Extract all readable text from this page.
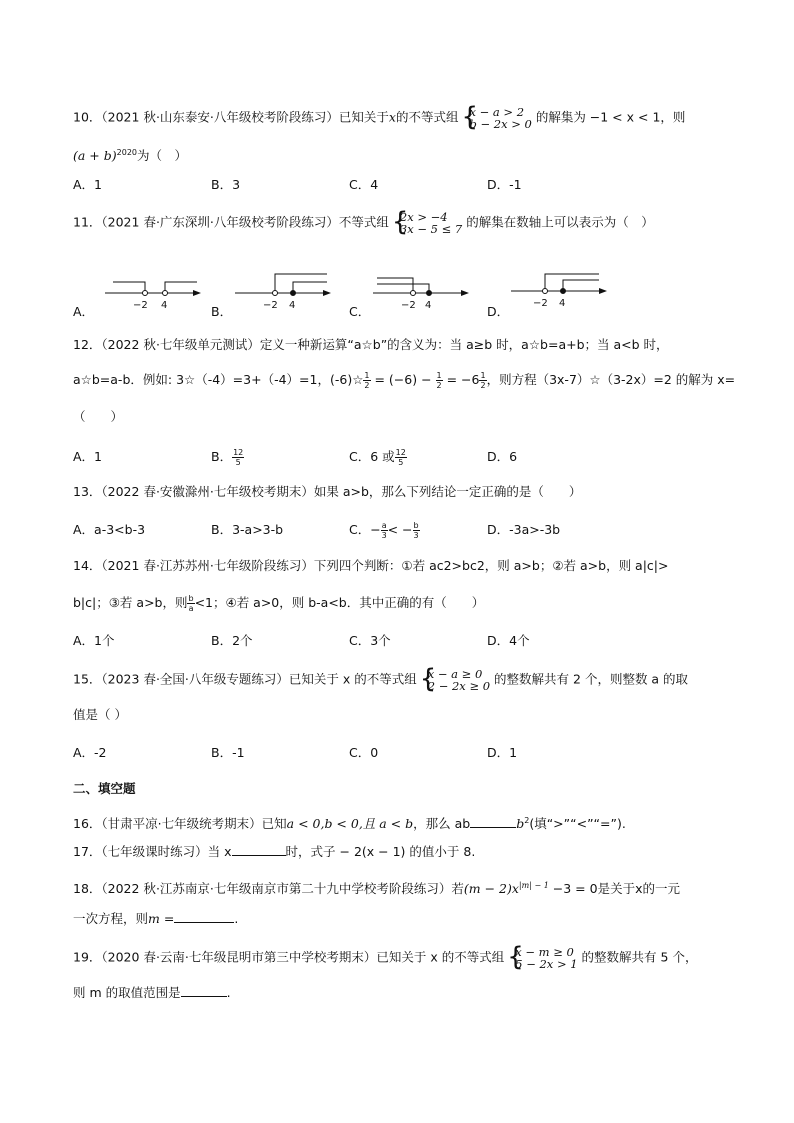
10．（2021 秋·山东泰安·八年级校考阶段练习）已知关于x的不等式组 { x − a > 2
b − 2x > 0 的解集为 −1 < x < 1，则
$(a + b)^{2020}$为（　）
A．1	B．3	C．4	D．-1
11．（2021 春·广东深圳·八年级校考阶段练习）不等式组 { 2x > −4
3x − 5 ≤ 7 的解集在数轴上可以表示为（　）
A．	−2 4	B．	−2 4	C．	−2 4	D．
−2 4
12．（2022 秋·七年级单元测试）定义一种新运算“a☆b”的含义为：当 a≥b 时，a☆b=a+b；当 a<b 时，
a☆b=a-b．例如: 3☆（-4）=3+（-4）=1，(-6)☆ $\frac{1}{2} = (-6) - \frac{1}{2} = -6 \frac{1}{2}$ ，则方程（3x-7）☆（3-2x）=2 的解为 x=
（　　）
A．1	B． $\frac{12}{5}$	C．6 或 $\frac{12}{5}$	D．6
13．（2022 春·安徽滁州·七年级校考期末）如果 a>b，那么下列结论一定正确的是（　　）
A．a-3<b-3	B．3-a>3-b	C．− $\frac{a}{3}$ < − $\frac{b}{3}$	D．-3a>-3b
14．（2021 春·江苏苏州·七年级阶段练习）下列四个判断：①若 ac2>bc2，则 a>b；②若 a>b，则 a|c|>
b|c|；③若 a>b，则 $\frac{b}{a} <1$；④若 a>0，则 b-a<b．其中正确的有（　　）
A．1个	B．2个	C．3个	D．4个
15．（2023 春·全国·八年级专题练习）已知关于 x 的不等式组 { x − a ≥ 0
2 − 2x ≥ 0 的整数解共有 2 个，则整数 a 的取
值是（ ）
A．-2	B．-1	C．0	D．1
二、填空题
16．（甘肃平凉·七年级统考期末）已知a < 0,b < 0,且 a < b，那么 ab	$b^2$(填“>”“<”“=”).
17．（七年级课时练习）当 x	时，式子 − 2(x − 1) 的值小于 8.
18．（2022 秋·江苏南京·七年级南京市第二十九中学校考阶段练习）若$(m - 2)x^{|m| - 1} -3 = 0$是关于x的一元
一次方程，则m =	.
19．（2020 春·云南·七年级昆明市第三中学校考期末）已知关于 x 的不等式组 { x − m ≥ 0
5 − 2x > 1 的整数解共有 5 个，
则 m 的取值范围是	.
